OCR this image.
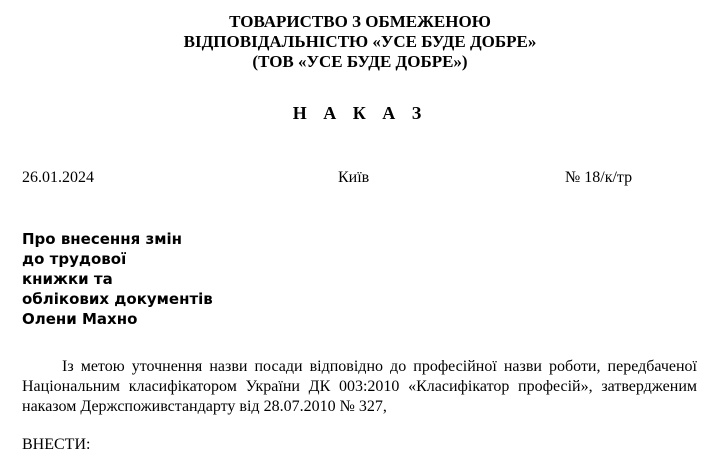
ТОВАРИСТВО З ОБМЕЖЕНОЮ
ВІДПОВІДАЛЬНІСТЮ «УСЕ БУДЕ ДОБРЕ»
(ТОВ «УСЕ БУДЕ ДОБРЕ»)
Н А К А З
26.01.2024	Київ	№ 18/к/тр
Про внесення змін
до трудової
книжки та
облікових документів
Олени Махно
Із метою уточнення назви посади відповідно до професійної назви роботи, передбаченої Національним класифікатором України ДК 003:2010 «Класифікатор професій», затвердженим наказом Держспоживстандарту від 28.07.2010 № 327,
ВНЕСТИ:
